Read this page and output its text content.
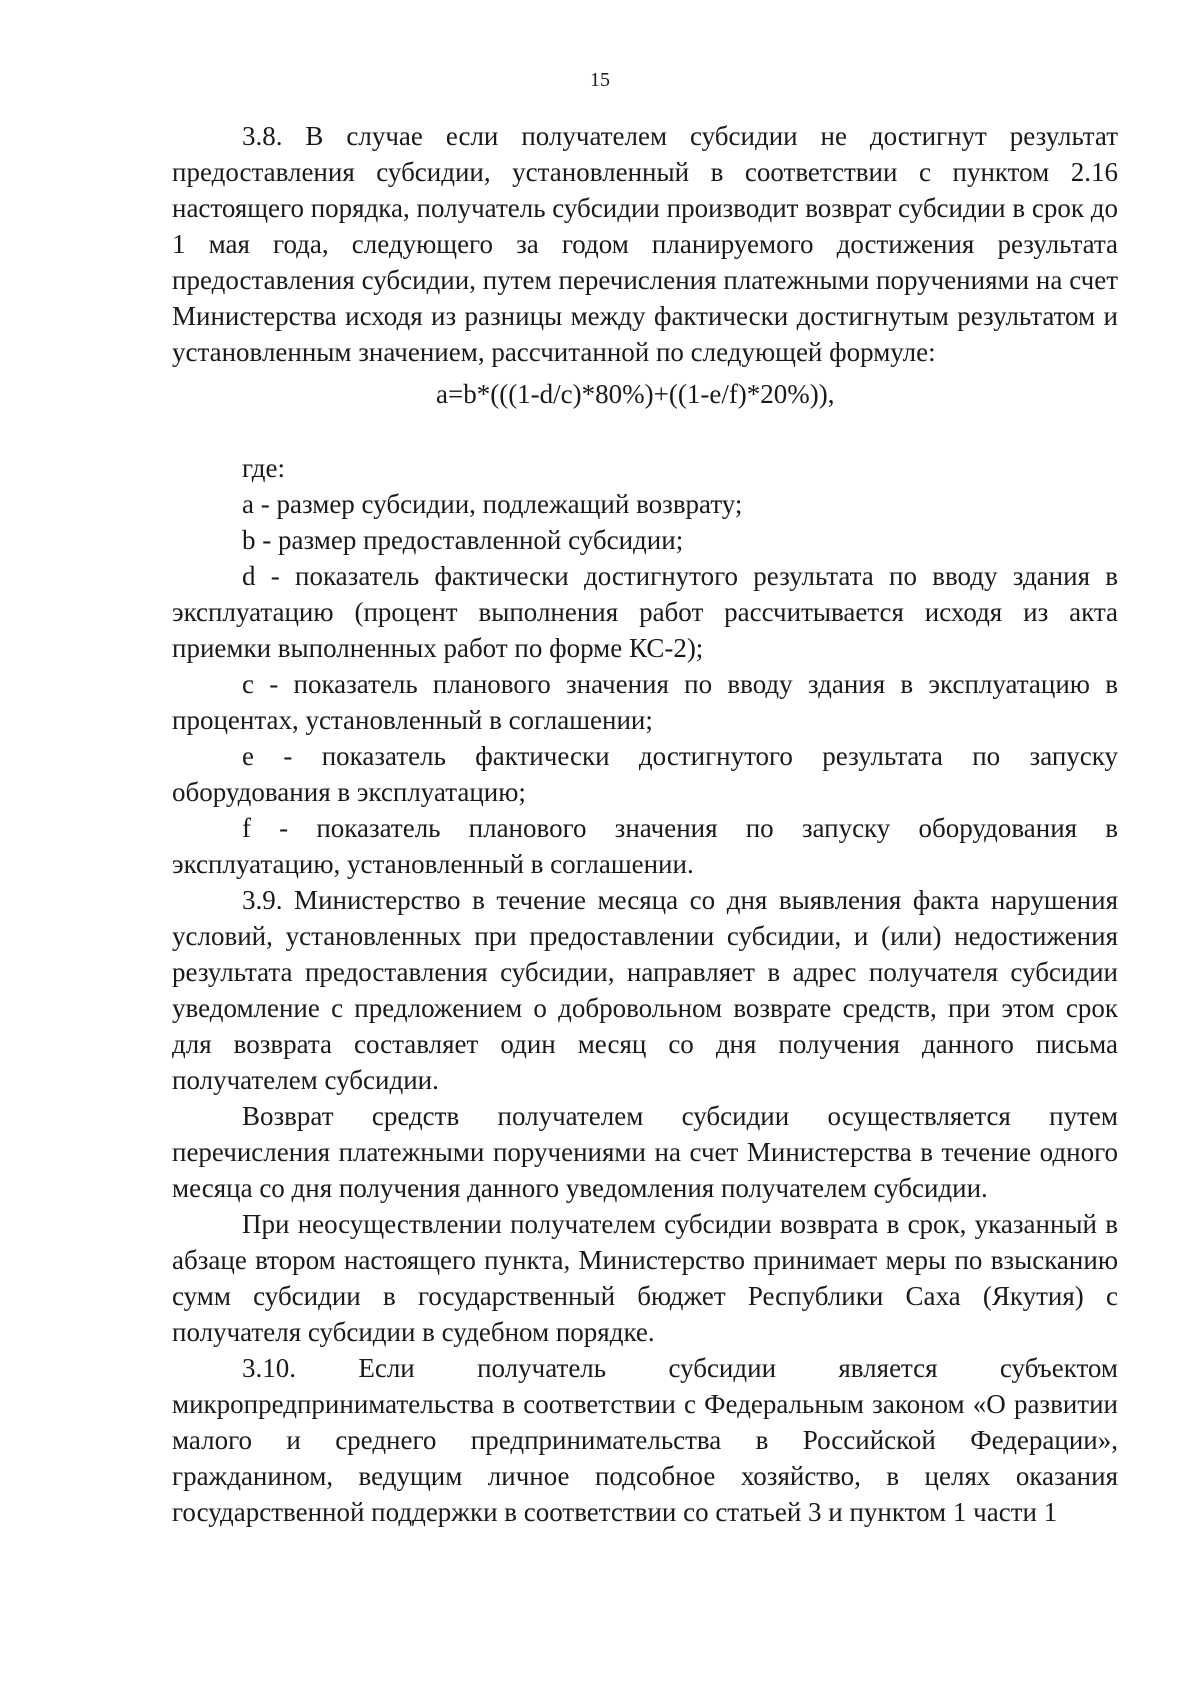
15

3.8. В случае если получателем субсидии не достигнут результат предоставления субсидии, установленный в соответствии с пунктом 2.16 настоящего порядка, получатель субсидии производит возврат субсидии в срок до 1 мая года, следующего за годом планируемого достижения результата предоставления субсидии, путем перечисления платежными поручениями на счет Министерства исходя из разницы между фактически достигнутым результатом и установленным значением, рассчитанной по следующей формуле:

a=b*(((1-d/c)*80%)+((1-e/f)*20%)),

где:

a - размер субсидии, подлежащий возврату;

b - размер предоставленной субсидии;

d - показатель фактически достигнутого результата по вводу здания в эксплуатацию (процент выполнения работ рассчитывается исходя из акта приемки выполненных работ по форме КС-2);

c - показатель планового значения по вводу здания в эксплуатацию в процентах, установленный в соглашении;

e - показатель фактически достигнутого результата по запуску оборудования в эксплуатацию;

f - показатель планового значения по запуску оборудования в эксплуатацию, установленный в соглашении.

3.9. Министерство в течение месяца со дня выявления факта нарушения условий, установленных при предоставлении субсидии, и (или) недостижения результата предоставления субсидии, направляет в адрес получателя субсидии уведомление с предложением о добровольном возврате средств, при этом срок для возврата составляет один месяц со дня получения данного письма получателем субсидии.

Возврат средств получателем субсидии осуществляется путем перечисления платежными поручениями на счет Министерства в течение одного месяца со дня получения данного уведомления получателем субсидии.

При неосуществлении получателем субсидии возврата в срок, указанный в абзаце втором настоящего пункта, Министерство принимает меры по взысканию сумм субсидии в государственный бюджет Республики Саха (Якутия) с получателя субсидии в судебном порядке.

3.10. Если получатель субсидии является субъектом микропредпринимательства в соответствии с Федеральным законом «О развитии малого и среднего предпринимательства в Российской Федерации», гражданином, ведущим личное подсобное хозяйство, в целях оказания государственной поддержки в соответствии со статьей 3 и пунктом 1 части 1
